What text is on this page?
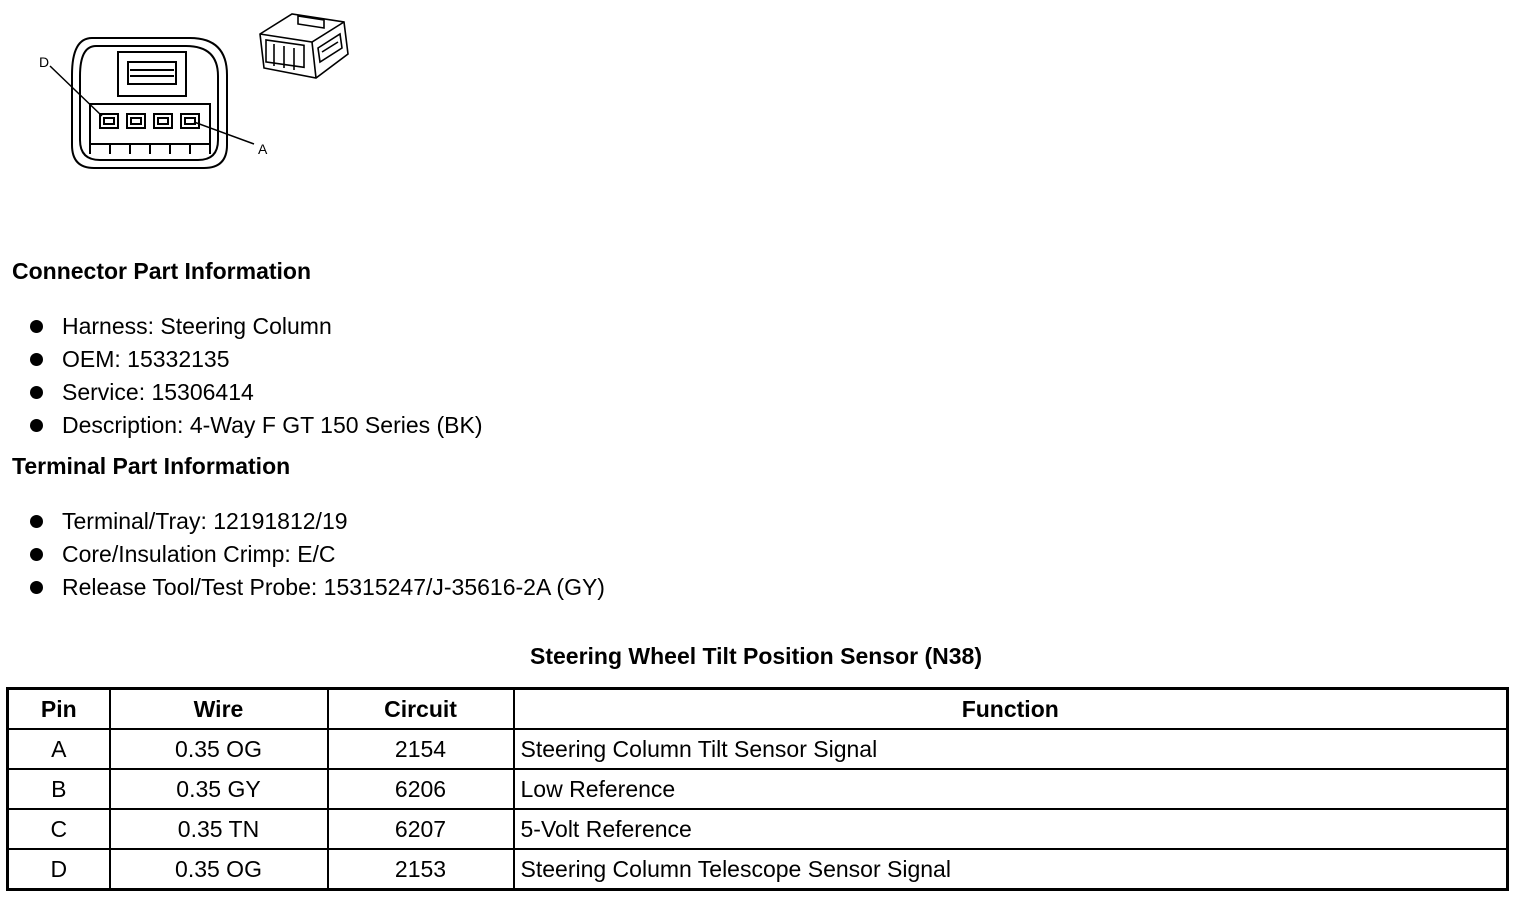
D
A
Connector Part Information
Harness: Steering Column
OEM: 15332135
Service: 15306414
Description: 4-Way F GT 150 Series (BK)
Terminal Part Information
Terminal/Tray: 12191812/19
Core/Insulation Crimp: E/C
Release Tool/Test Probe: 15315247/J-35616-2A (GY)
Steering Wheel Tilt Position Sensor (N38)
Pin	Wire	Circuit	Function
A	0.35 OG	2154	Steering Column Tilt Sensor Signal
B	0.35 GY	6206	Low Reference
C	0.35 TN	6207	5-Volt Reference
D	0.35 OG	2153	Steering Column Telescope Sensor Signal
